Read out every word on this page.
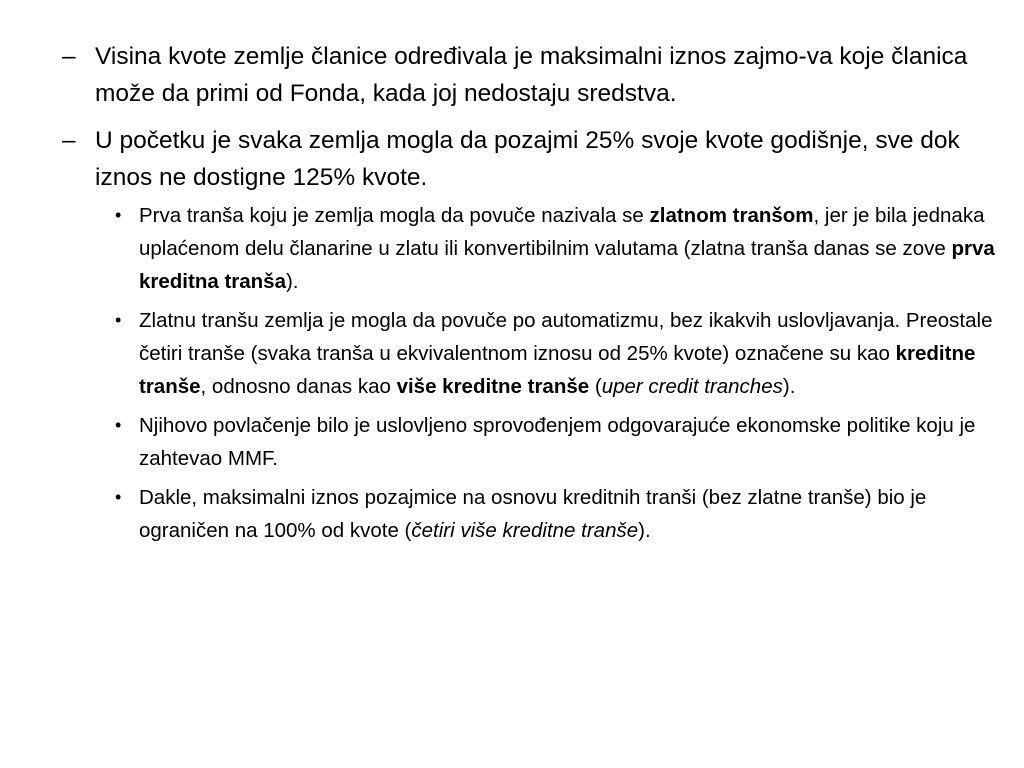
– Visina kvote zemlje članice određivala je maksimalni iznos zajmo-va koje članica može da primi od Fonda, kada joj nedostaju sredstva.
– U početku je svaka zemlja mogla da pozajmi 25% svoje kvote godišnje, sve dok iznos ne dostigne 125% kvote.
• Prva tranša koju je zemlja mogla da povuče nazivala se zlatnom tranšom, jer je bila jednaka uplaćenom delu članarine u zlatu ili konvertibilnim valutama (zlatna tranša danas se zove prva kreditna tranša).
• Zlatnu tranšu zemlja je mogla da povuče po automatizmu, bez ikakvih uslovljavanja. Preostale četiri tranše (svaka tranša u ekvivalentnom iznosu od 25% kvote) označene su kao kreditne tranše, odnosno danas kao više kreditne tranše (uper credit tranches).
• Njihovo povlačenje bilo je uslovljeno sprovođenjem odgovarajuće ekonomske politike koju je zahtevao MMF.
• Dakle, maksimalni iznos pozajmice na osnovu kreditnih tranši (bez zlatne tranše) bio je ograničen na 100% od kvote (četiri više kreditne tranše).
